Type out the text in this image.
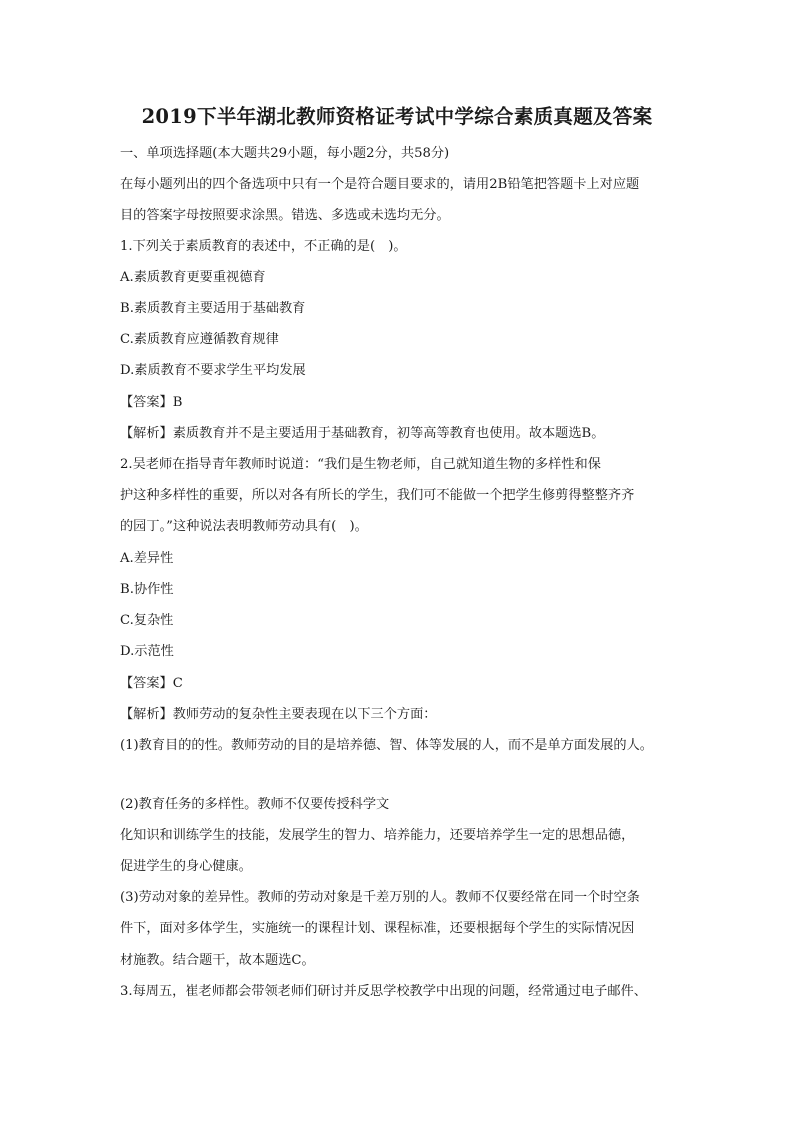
2019下半年湖北教师资格证考试中学综合素质真题及答案
一、单项选择题(本大题共29小题，每小题2分，共58分)
在每小题列出的四个备选项中只有一个是符合题目要求的，请用2B铅笔把答题卡上对应题
目的答案字母按照要求涂黑。错选、多选或未选均无分。
1.下列关于素质教育的表述中，不正确的是(　)。
A.素质教育更要重视德育
B.素质教育主要适用于基础教育
C.素质教育应遵循教育规律
D.素质教育不要求学生平均发展
【答案】B
【解析】素质教育并不是主要适用于基础教育，初等高等教育也使用。故本题选B。
2.吴老师在指导青年教师时说道：“我们是生物老师，自己就知道生物的多样性和保
护这种多样性的重要，所以对各有所长的学生，我们可不能做一个把学生修剪得整整齐齐
的园丁。”这种说法表明教师劳动具有(　)。
A.差异性
B.协作性
C.复杂性
D.示范性
【答案】C
【解析】教师劳动的复杂性主要表现在以下三个方面：
(1)教育目的的性。教师劳动的目的是培养德、智、体等发展的人，而不是单方面发展的人。
(2)教育任务的多样性。教师不仅要传授科学文
化知识和训练学生的技能，发展学生的智力、培养能力，还要培养学生一定的思想品德，
促进学生的身心健康。
(3)劳动对象的差异性。教师的劳动对象是千差万别的人。教师不仅要经常在同一个时空条
件下，面对多体学生，实施统一的课程计划、课程标准，还要根据每个学生的实际情况因
材施教。结合题干，故本题选C。
3.每周五，崔老师都会带领老师们研讨并反思学校教学中出现的问题，经常通过电子邮件、
